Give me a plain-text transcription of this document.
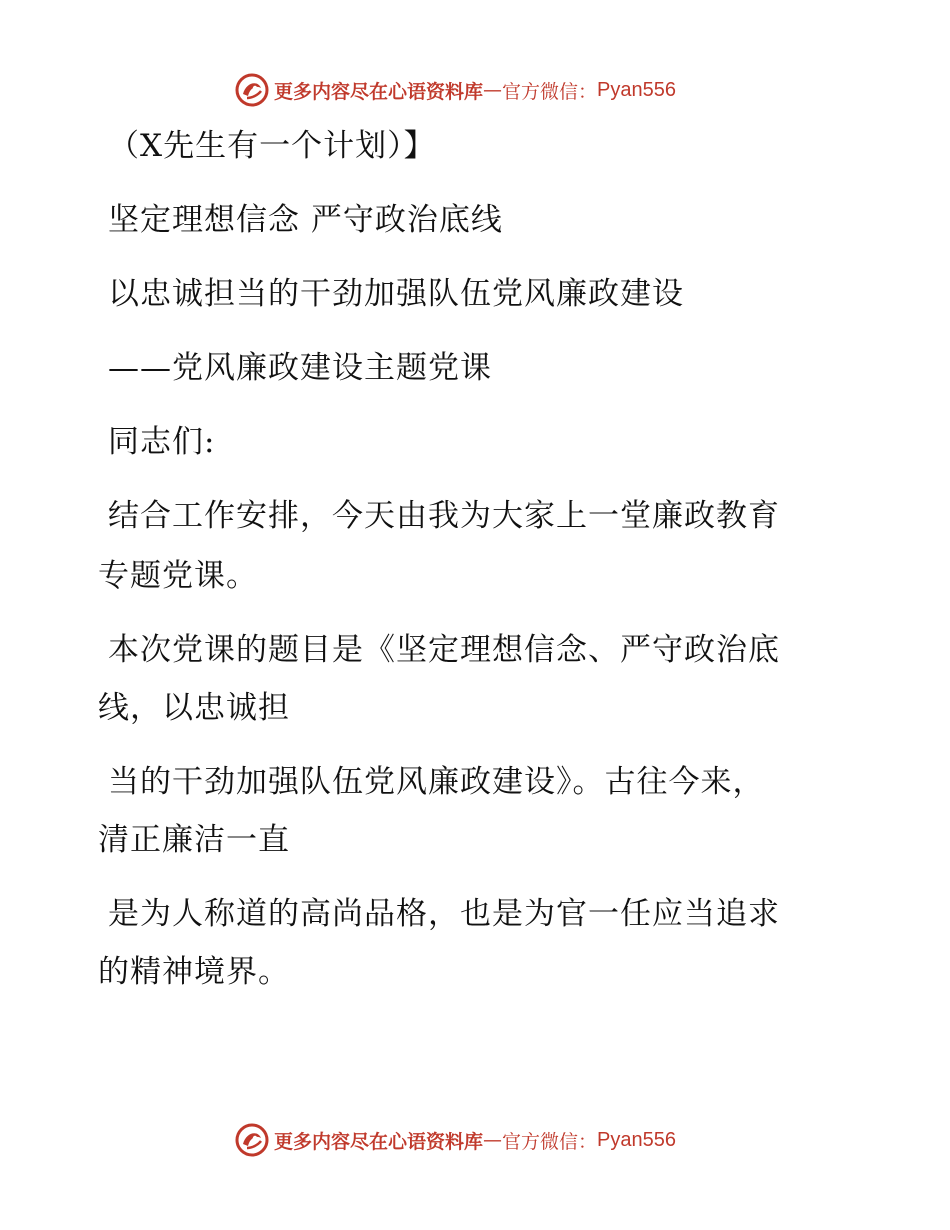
更多内容尽在心语资料库 — 官方微信： Pyan556
（X先生有一个计划）】
坚定理想信念 严守政治底线
以忠诚担当的干劲加强队伍党风廉政建设
——党风廉政建设主题党课
同志们:
结合工作安排，今天由我为大家上一堂廉政教育
专题党课。
本次党课的题目是《坚定理想信念、严守政治底
线，以忠诚担
当的干劲加强队伍党风廉政建设》。古往今来，
清正廉洁一直
是为人称道的高尚品格，也是为官一任应当追求
的精神境界。
更多内容尽在心语资料库 — 官方微信： Pyan556
